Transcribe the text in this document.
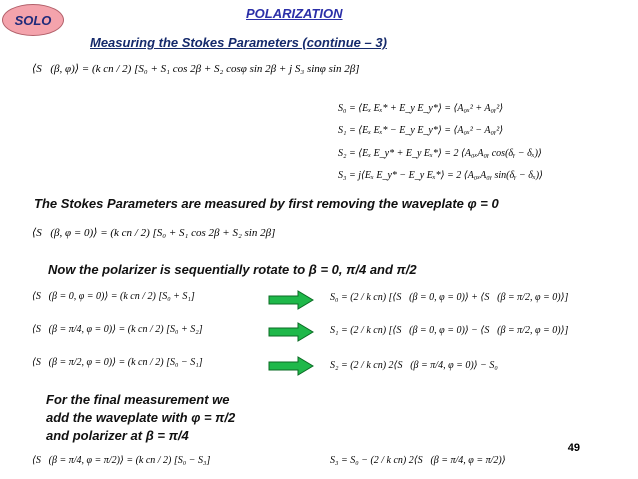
SOLO	POLARIZATION
Measuring the Stokes Parameters (continue – 3)
⟨S⃗(β, φ)⟩ = (k cn / 2) [S₀ + S₁ cos 2β + S₂ cosφ sin 2β + j S₃ sinφ sin 2β]
S₀ = ⟨Eₓ Eₓ* + E_y E_y*⟩ = ⟨A₀ₓ² + A₀ᵧ²⟩
S₁ = ⟨Eₓ Eₓ* − E_y E_y*⟩ = ⟨A₀ₓ² − A₀ᵧ²⟩
S₂ = ⟨Eₓ E_y* + E_y Eₓ*⟩ = 2 ⟨A₀ₓA₀ᵧ cos(δᵧ − δₓ)⟩
S₃ = j⟨Eₓ E_y* − E_y Eₓ*⟩ = 2 ⟨A₀ₓA₀ᵧ sin(δᵧ − δₓ)⟩
The Stokes Parameters are measured by first removing the waveplate φ = 0
⟨S⃗(β, φ = 0)⟩ = (k cn / 2) [S₀ + S₁ cos 2β + S₂ sin 2β]
Now the polarizer is sequentially rotate to β = 0, π/4 and π/2
⟨S⃗(β = 0, φ = 0)⟩ = (k cn / 2) [S₀ + S₁]
⟨S⃗(β = π/4, φ = 0)⟩ = (k cn / 2) [S₀ + S₂]
⟨S⃗(β = π/2, φ = 0)⟩ = (k cn / 2) [S₀ − S₁]
S₀ = (2 / k cn) [⟨S⃗(β = 0, φ = 0)⟩ + ⟨S⃗(β = π/2, φ = 0)⟩]
S₁ = (2 / k cn) [⟨S⃗(β = 0, φ = 0)⟩ − ⟨S⃗(β = π/2, φ = 0)⟩]
S₂ = (2 / k cn) 2⟨S⃗(β = π/4, φ = 0)⟩ − S₀
For the final measurement we
add the waveplate with φ = π/2
and polarizer at β = π/4
⟨S⃗(β = π/4, φ = π/2)⟩ = (k cn / 2) [S₀ − S₃]	S₃ = S₀ − (2 / k cn) 2⟨S⃗(β = π/4, φ = π/2)⟩
49
